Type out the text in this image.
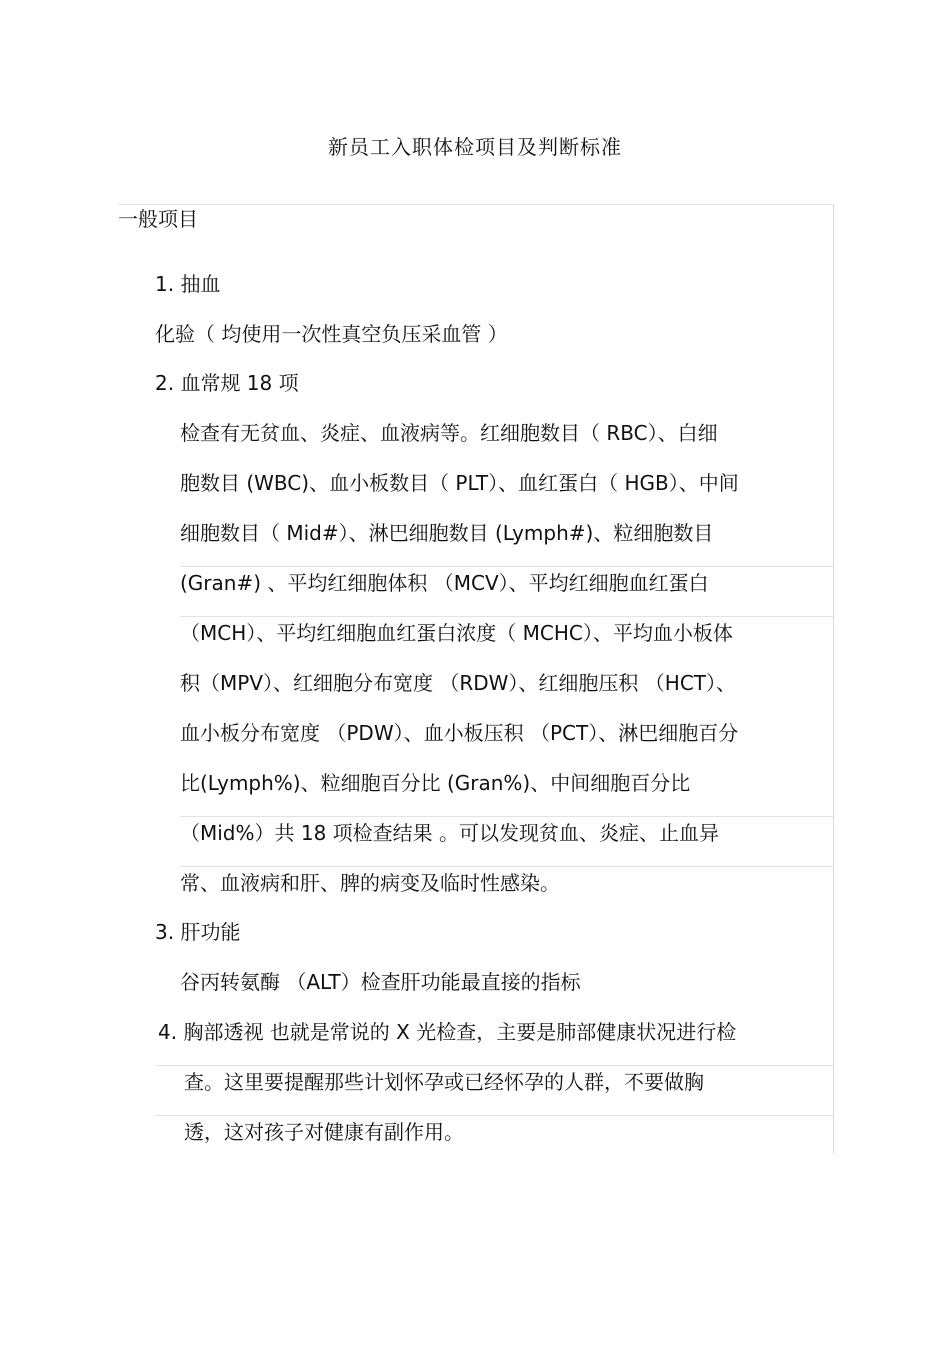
新员工入职体检项目及判断标准
一般项目
1. 抽血
化验（ 均使用一次性真空负压采血管 ）
2. 血常规 18 项
检查有无贫血、炎症、血液病等。红细胞数目（ RBC）、白细
胞数目 (WBC)、血小板数目（ PLT）、血红蛋白（ HGB）、中间
细胞数目（ Mid#）、淋巴细胞数目 (Lymph#)、粒细胞数目
(Gran#) 、平均红细胞体积 （MCV）、平均红细胞血红蛋白
（MCH）、平均红细胞血红蛋白浓度（ MCHC）、平均血小板体
积（MPV）、红细胞分布宽度 （RDW）、红细胞压积 （HCT）、
血小板分布宽度 （PDW）、血小板压积 （PCT）、淋巴细胞百分
比(Lymph%)、粒细胞百分比 (Gran%)、中间细胞百分比
（Mid%）共 18 项检查结果 。可以发现贫血、炎症、止血异
常、血液病和肝、脾的病变及临时性感染。
3. 肝功能
谷丙转氨酶 （ALT）检查肝功能最直接的指标
4. 胸部透视 也就是常说的 X 光检查，主要是肺部健康状况进行检
查。这里要提醒那些计划怀孕或已经怀孕的人群，不要做胸
透，这对孩子对健康有副作用。
